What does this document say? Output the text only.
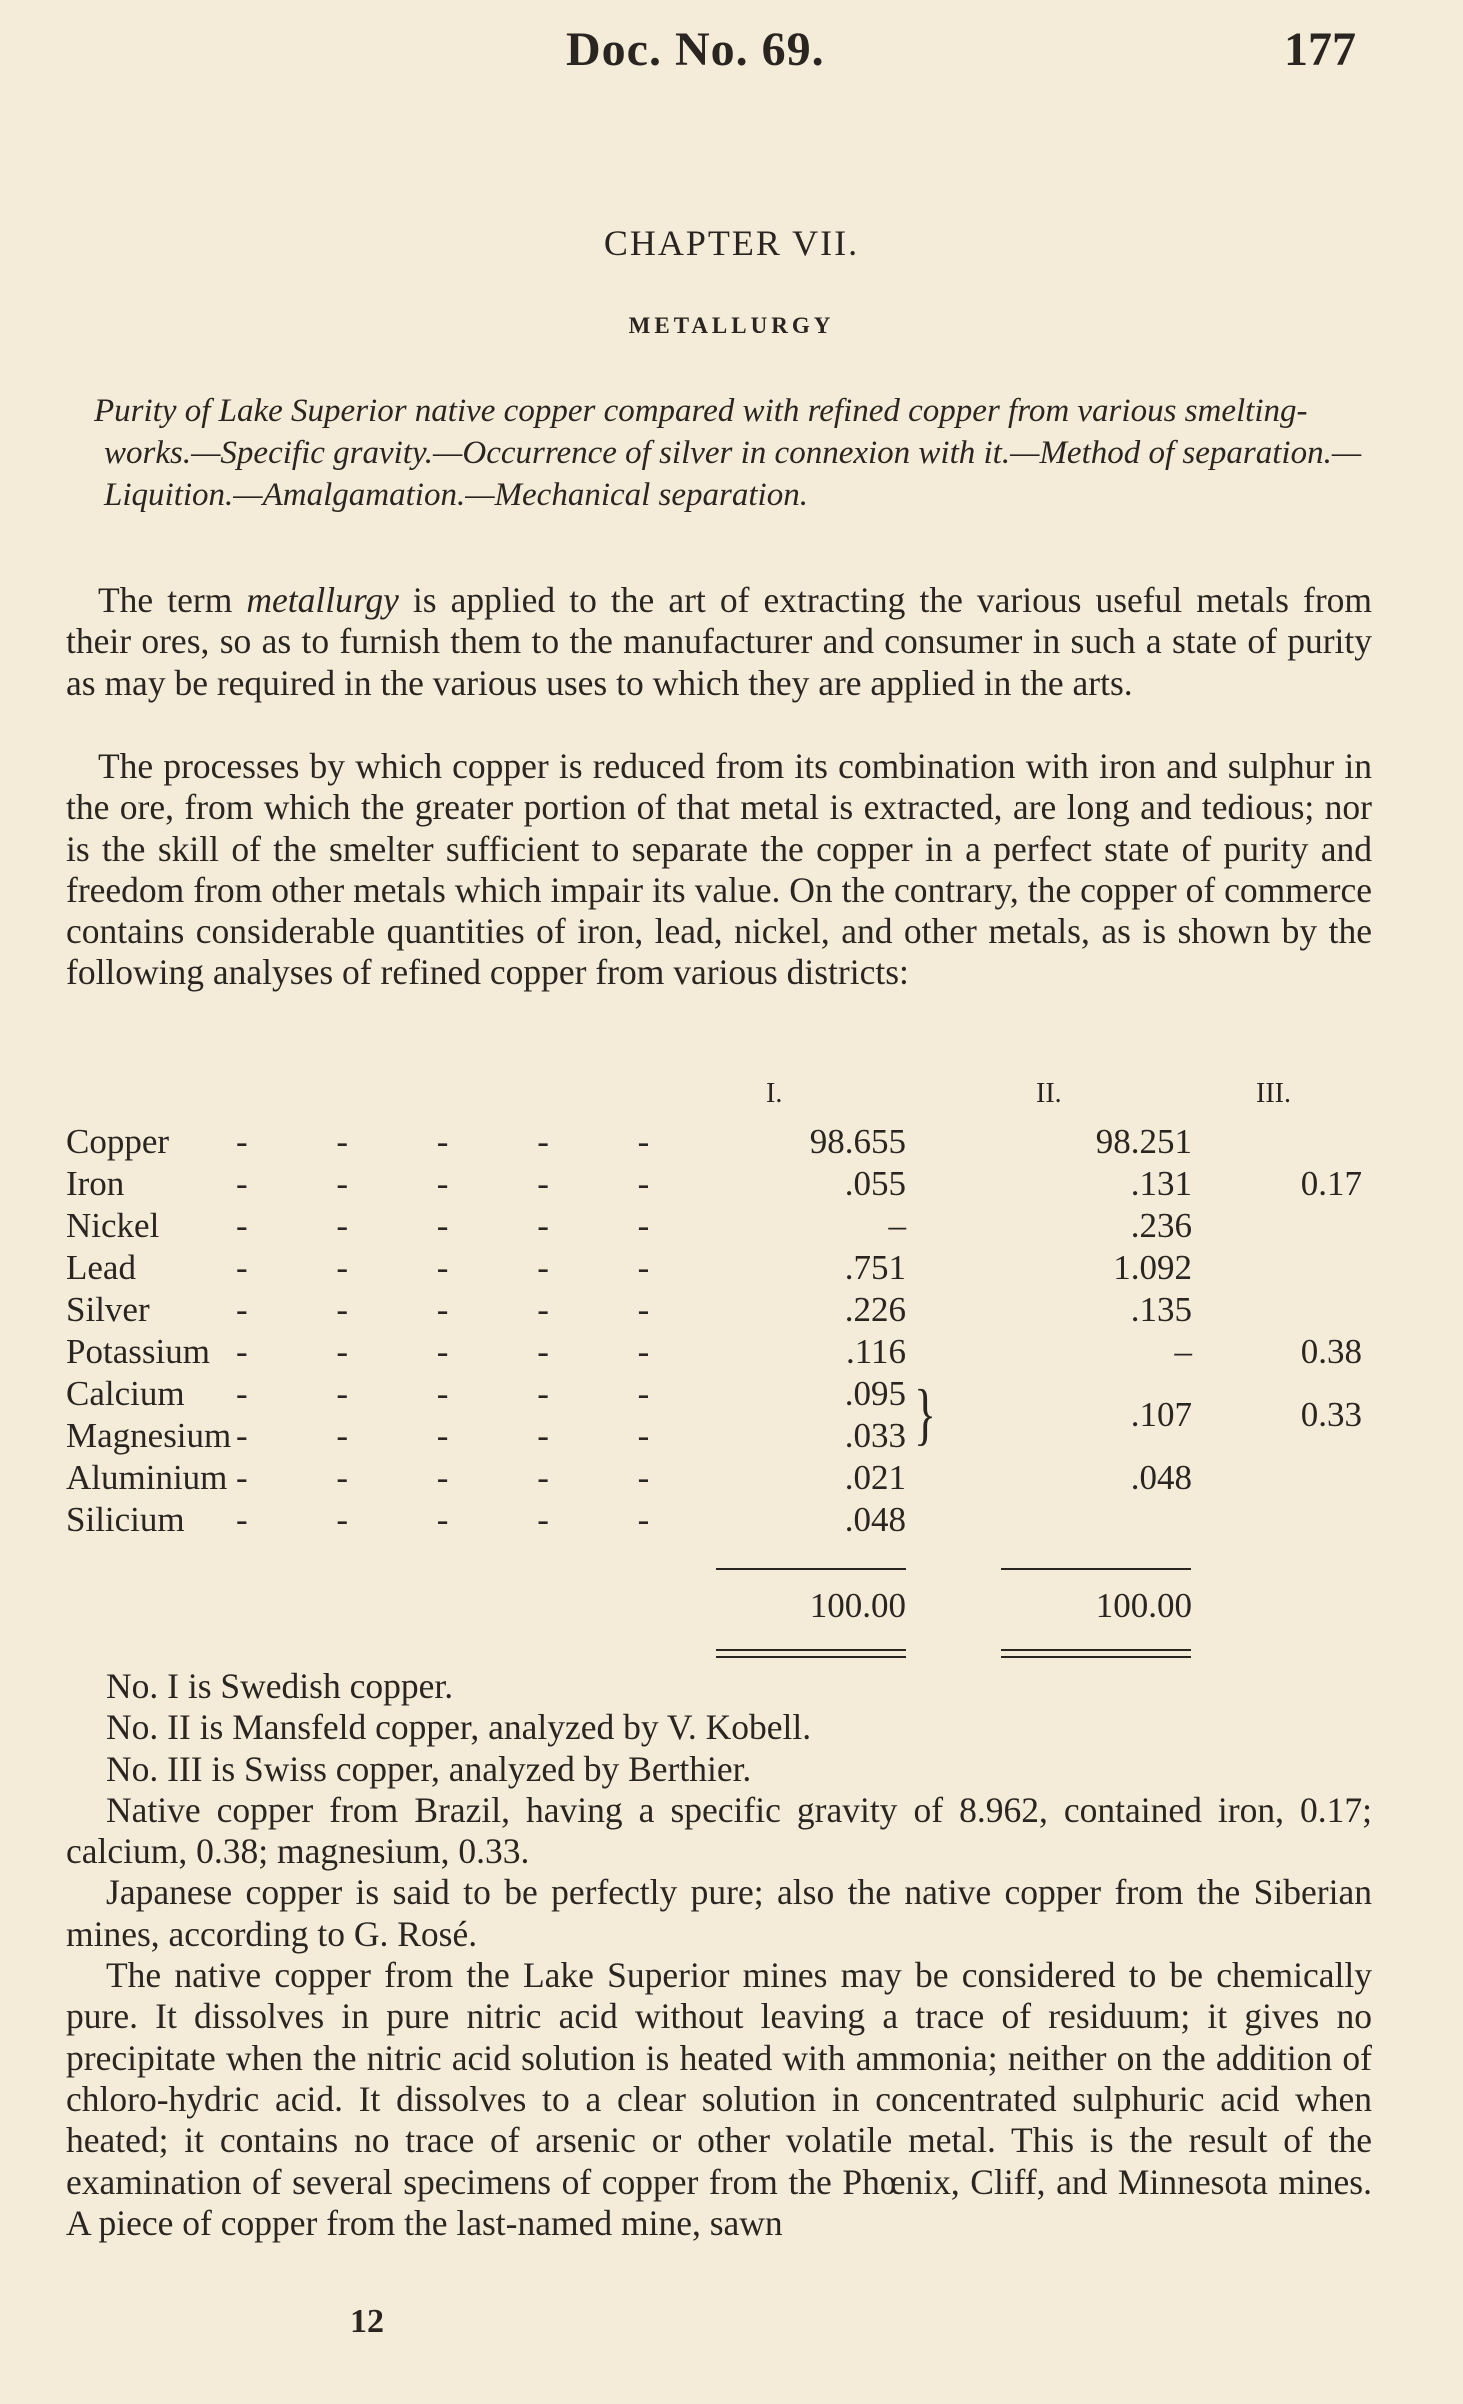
Doc. No. 69.	177
CHAPTER VII.
METALLURGY
Purity of Lake Superior native copper compared with refined copper from various smelting-works.—Specific gravity.—Occurrence of silver in connexion with it.—Method of separation.—Liquition.—Amalgamation.—Mechanical separation.

The term metallurgy is applied to the art of extracting the various useful metals from their ores, so as to furnish them to the manufacturer and consumer in such a state of purity as may be required in the various uses to which they are applied in the arts.

The processes by which copper is reduced from its combination with iron and sulphur in the ore, from which the greater portion of that metal is extracted, are long and tedious; nor is the skill of the smelter sufficient to separate the copper in a perfect state of purity and freedom from other metals which impair its value. On the contrary, the copper of commerce contains considerable quantities of iron, lead, nickel, and other metals, as is shown by the following analyses of refined copper from various districts:

I.	II.	III.
Copper - - - - -	98.655	98.251
Iron	- - - - -	.055	.131	0.17
Nickel - - - - -	–	.236
Lead	- - - - -	.751	1.092
Silver - - - - -	.226	.135
Potassium - - - - -	.116	–	0.38
Calcium - - - - -	.095
Magnesium - - - - -	.033 }	.107	0.33
Aluminium - - - - -	.021	.048
Silicium - - - - -	.048
100.00	100.00

No. I is Swedish copper.

No. II is Mansfeld copper, analyzed by V. Kobell.

No. III is Swiss copper, analyzed by Berthier.

Native copper from Brazil, having a specific gravity of 8.962, contained iron, 0.17; calcium, 0.38; magnesium, 0.33.

Japanese copper is said to be perfectly pure; also the native copper from the Siberian mines, according to G. Rosé.

The native copper from the Lake Superior mines may be considered to be chemically pure. It dissolves in pure nitric acid without leaving a trace of residuum; it gives no precipitate when the nitric acid solution is heated with ammonia; neither on the addition of chloro-hydric acid. It dissolves to a clear solution in concentrated sulphuric acid when heated; it contains no trace of arsenic or other volatile metal. This is the result of the examination of several specimens of copper from the Phœnix, Cliff, and Minnesota mines. A piece of copper from the last-named mine, sawn

12
